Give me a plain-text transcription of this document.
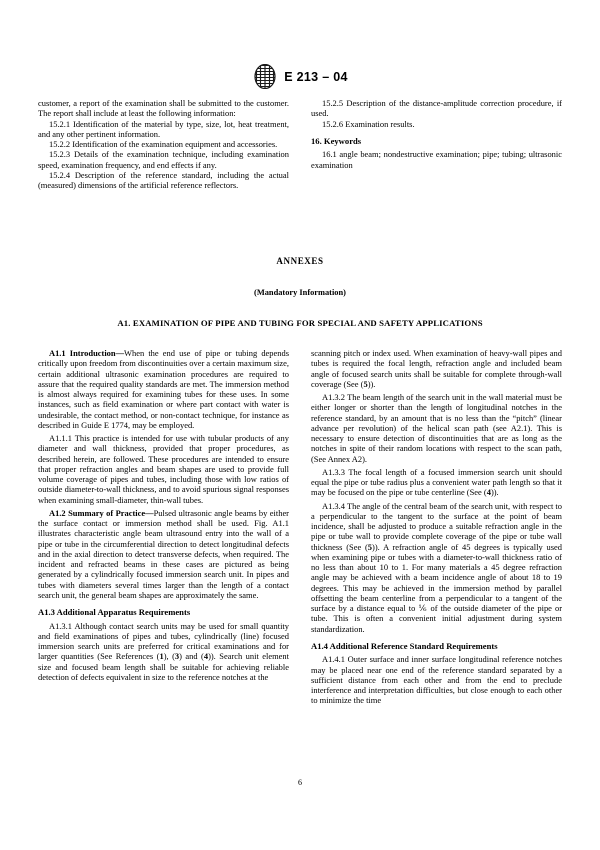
E 213 – 04

customer, a report of the examination shall be submitted to the customer. The report shall include at least the following information:

15.2.1 Identification of the material by type, size, lot, heat treatment, and any other pertinent information.

15.2.2 Identification of the examination equipment and accessories.

15.2.3 Details of the examination technique, including examination speed, examination frequency, and end effects if any.

15.2.4 Description of the reference standard, including the actual (measured) dimensions of the artificial reference reflectors.

15.2.5 Description of the distance-amplitude correction procedure, if used.

15.2.6 Examination results.

16. Keywords

16.1 angle beam; nondestructive examination; pipe; tubing; ultrasonic examination

ANNEXES
(Mandatory Information)
A1. EXAMINATION OF PIPE AND TUBING FOR SPECIAL AND SAFETY APPLICATIONS

A1.1 Introduction—When the end use of pipe or tubing depends critically upon freedom from discontinuities over a certain maximum size, certain additional ultrasonic examination procedures are required to assure that the required quality standards are met. The immersion method is almost always required for examining tubes for these uses. In some instances, such as field examination or where part contact with water is undesirable, the contact method, or non-contact technique, for instance as described in Guide E 1774, may be employed.

A1.1.1 This practice is intended for use with tubular products of any diameter and wall thickness, provided that proper procedures, as described herein, are followed. These procedures are intended to ensure that proper refraction angles and beam shapes are used to provide full volume coverage of pipes and tubes, including those with low ratios of outside diameter-to-wall thickness, and to avoid spurious signal responses when examining small-diameter, thin-wall tubes.

A1.2 Summary of Practice—Pulsed ultrasonic angle beams by either the surface contact or immersion method shall be used. Fig. A1.1 illustrates characteristic angle beam ultrasound entry into the wall of a pipe or tube in the circumferential direction to detect longitudinal defects and in the axial direction to detect transverse defects, when required. The incident and refracted beams in these cases are pictured as being generated by a cylindrically focused immersion search unit. In pipes and tubes with diameters several times larger than the length of a contact search unit, the general beam shapes are approximately the same.

A1.3 Additional Apparatus Requirements

A1.3.1 Although contact search units may be used for small quantity and field examinations of pipes and tubes, cylindrically (line) focused immersion search units are preferred for critical examinations and for larger quantities (See References (1), (3) and (4)). Search unit element size and focused beam length shall be suitable for achieving reliable detection of defects equivalent in size to the reference notches at the

scanning pitch or index used. When examination of heavy-wall pipes and tubes is required the focal length, refraction angle and included beam angle of focused search units shall be suitable for complete through-wall coverage (See (5)).

A1.3.2 The beam length of the search unit in the wall material must be either longer or shorter than the length of longitudinal notches in the reference standard, by an amount that is no less than the “pitch” (linear advance per revolution) of the helical scan path (see A2.1). This is necessary to ensure detection of discontinuities that are as long as the notches in spite of their random locations with respect to the scan path, (See Annex A2).

A1.3.3 The focal length of a focused immersion search unit should equal the pipe or tube radius plus a convenient water path length so that it may be focused on the pipe or tube centerline (See (4)).

A1.3.4 The angle of the central beam of the search unit, with respect to a perpendicular to the tangent to the surface at the point of beam incidence, shall be adjusted to produce a suitable refraction angle in the pipe or tube wall to provide complete coverage of the pipe or tube wall thickness (See (5)). A refraction angle of 45 degrees is typically used when examining pipe or tubes with a diameter-to-wall thickness ratio of no less than about 10 to 1. For many materials a 45 degree refraction angle may be achieved with a beam incidence angle of about 18 to 19 degrees. This may be achieved in the immersion method by parallel offsetting the beam centerline from a perpendicular to a tangent of the surface by a distance equal to ⅙ of the outside diameter of the pipe or tube. This is often a convenient initial adjustment during system standardization.

A1.4 Additional Reference Standard Requirements

A1.4.1 Outer surface and inner surface longitudinal reference notches may be placed near one end of the reference standard separated by a sufficient distance from each other and from the end to preclude interference and interpretation difficulties, but close enough to each other to minimize the time

6
